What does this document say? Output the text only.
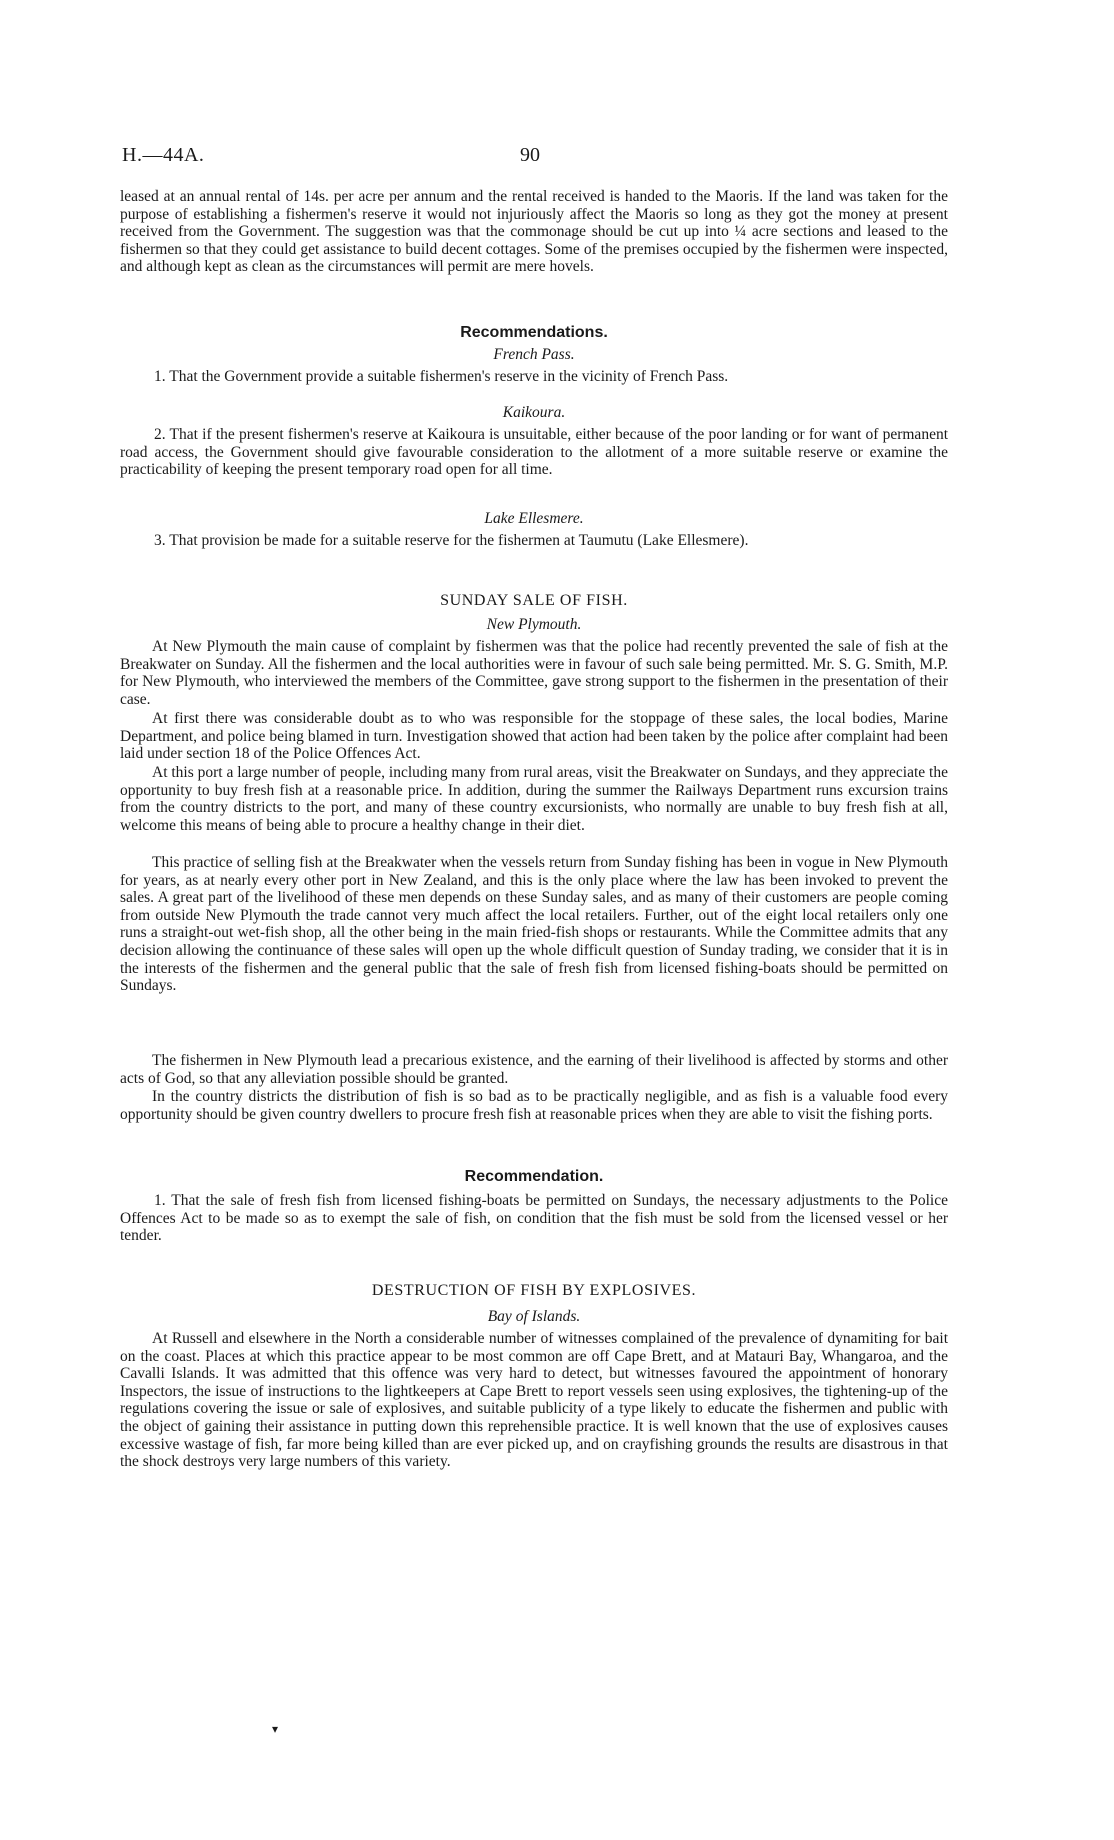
H.—44A.	90

leased at an annual rental of 14s. per acre per annum and the rental received is handed to the Maoris. If the land was taken for the purpose of establishing a fishermen's reserve it would not injuriously affect the Maoris so long as they got the money at present received from the Government. The suggestion was that the commonage should be cut up into ¼ acre sections and leased to the fishermen so that they could get assistance to build decent cottages. Some of the premises occupied by the fishermen were inspected, and although kept as clean as the circumstances will permit are mere hovels.

Recommendations.
French Pass.

1. That the Government provide a suitable fishermen's reserve in the vicinity of French Pass.

Kaikoura.

2. That if the present fishermen's reserve at Kaikoura is unsuitable, either because of the poor landing or for want of permanent road access, the Government should give favourable consideration to the allotment of a more suitable reserve or examine the practicability of keeping the present temporary road open for all time.

Lake Ellesmere.

3. That provision be made for a suitable reserve for the fishermen at Taumutu (Lake Ellesmere).

SUNDAY SALE OF FISH.
New Plymouth.

At New Plymouth the main cause of complaint by fishermen was that the police had recently prevented the sale of fish at the Breakwater on Sunday. All the fishermen and the local authorities were in favour of such sale being permitted. Mr. S. G. Smith, M.P. for New Plymouth, who interviewed the members of the Committee, gave strong support to the fishermen in the presentation of their case.

At first there was considerable doubt as to who was responsible for the stoppage of these sales, the local bodies, Marine Department, and police being blamed in turn. Investigation showed that action had been taken by the police after complaint had been laid under section 18 of the Police Offences Act.

At this port a large number of people, including many from rural areas, visit the Breakwater on Sundays, and they appreciate the opportunity to buy fresh fish at a reasonable price. In addition, during the summer the Railways Department runs excursion trains from the country districts to the port, and many of these country excursionists, who normally are unable to buy fresh fish at all, welcome this means of being able to procure a healthy change in their diet.

This practice of selling fish at the Breakwater when the vessels return from Sunday fishing has been in vogue in New Plymouth for years, as at nearly every other port in New Zealand, and this is the only place where the law has been invoked to prevent the sales. A great part of the livelihood of these men depends on these Sunday sales, and as many of their customers are people coming from outside New Plymouth the trade cannot very much affect the local retailers. Further, out of the eight local retailers only one runs a straight-out wet-fish shop, all the other being in the main fried-fish shops or restaurants. While the Committee admits that any decision allowing the continuance of these sales will open up the whole difficult question of Sunday trading, we consider that it is in the interests of the fishermen and the general public that the sale of fresh fish from licensed fishing-boats should be permitted on Sundays.

The fishermen in New Plymouth lead a precarious existence, and the earning of their livelihood is affected by storms and other acts of God, so that any alleviation possible should be granted.

In the country districts the distribution of fish is so bad as to be practically negligible, and as fish is a valuable food every opportunity should be given country dwellers to procure fresh fish at reasonable prices when they are able to visit the fishing ports.

Recommendation.

1. That the sale of fresh fish from licensed fishing-boats be permitted on Sundays, the necessary adjustments to the Police Offences Act to be made so as to exempt the sale of fish, on condition that the fish must be sold from the licensed vessel or her tender.

DESTRUCTION OF FISH BY EXPLOSIVES.
Bay of Islands.

At Russell and elsewhere in the North a considerable number of witnesses complained of the prevalence of dynamiting for bait on the coast. Places at which this practice appear to be most common are off Cape Brett, and at Matauri Bay, Whangaroa, and the Cavalli Islands. It was admitted that this offence was very hard to detect, but witnesses favoured the appointment of honorary Inspectors, the issue of instructions to the lightkeepers at Cape Brett to report vessels seen using explosives, the tightening-up of the regulations covering the issue or sale of explosives, and suitable publicity of a type likely to educate the fishermen and public with the object of gaining their assistance in putting down this reprehensible practice. It is well known that the use of explosives causes excessive wastage of fish, far more being killed than are ever picked up, and on crayfishing grounds the results are disastrous in that the shock destroys very large numbers of this variety.

▾
